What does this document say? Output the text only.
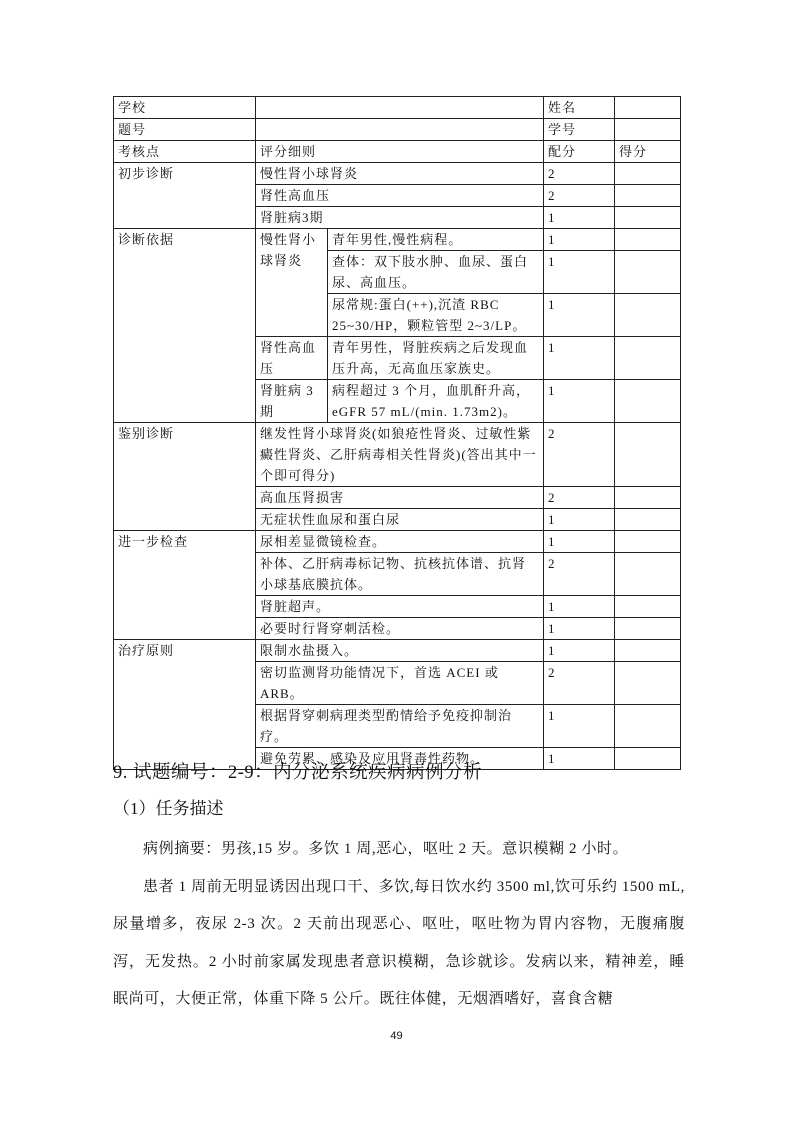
学校			姓名	
题号			学号	
考核点	评分细则		配分	得分
初步诊断	慢性肾小球肾炎		2	
	肾性高血压		2	
	肾脏病3期		1	
诊断依据	慢性肾小球肾炎	青年男性,慢性病程。	1	
		查体：双下肢水肿、血尿、蛋白尿、高血压。	1	
		尿常规:蛋白(++),沉渣 RBC 25~30/HP，颗粒管型 2~3/LP。	1	
	肾性高血压	青年男性，肾脏疾病之后发现血压升高，无高血压家族史。	1	
	肾脏病 3 期	病程超过 3 个月，血肌酐升高，eGFR 57 mL/(min. 1.73m2)。	1	
鉴别诊断	继发性肾小球肾炎(如狼疮性肾炎、过敏性紫癜性肾炎、乙肝病毒相关性肾炎)(答出其中一个即可得分)		2	
	高血压肾损害		2	
	无症状性血尿和蛋白尿		1	
进一步检查	尿相差显微镜检查。		1	
	补体、乙肝病毒标记物、抗核抗体谱、抗肾小球基底膜抗体。		2	
	肾脏超声。		1	
	必要时行肾穿刺活检。		1	
治疗原则	限制水盐摄入。		1	
	密切监测肾功能情况下，首选 ACEI 或 ARB。		2	
	根据肾穿刺病理类型酌情给予免疫抑制治疗。		1	
	避免劳累、感染及应用肾毒性药物。		1	
9. 试题编号：2-9：内分泌系统疾病病例分析
（1）任务描述

病例摘要：男孩,15 岁。多饮 1 周,恶心，呕吐 2 天。意识模糊 2 小时。

患者 1 周前无明显诱因出现口干、多饮,每日饮水约 3500 ml,饮可乐约 1500 mL,尿量增多，夜尿 2-3 次。2 天前出现恶心、呕吐，呕吐物为胃内容物，无腹痛腹泻，无发热。2 小时前家属发现患者意识模糊，急诊就诊。发病以来，精神差，睡眠尚可，大便正常，体重下降 5 公斤。既往体健，无烟酒嗜好，喜食含糖

49
